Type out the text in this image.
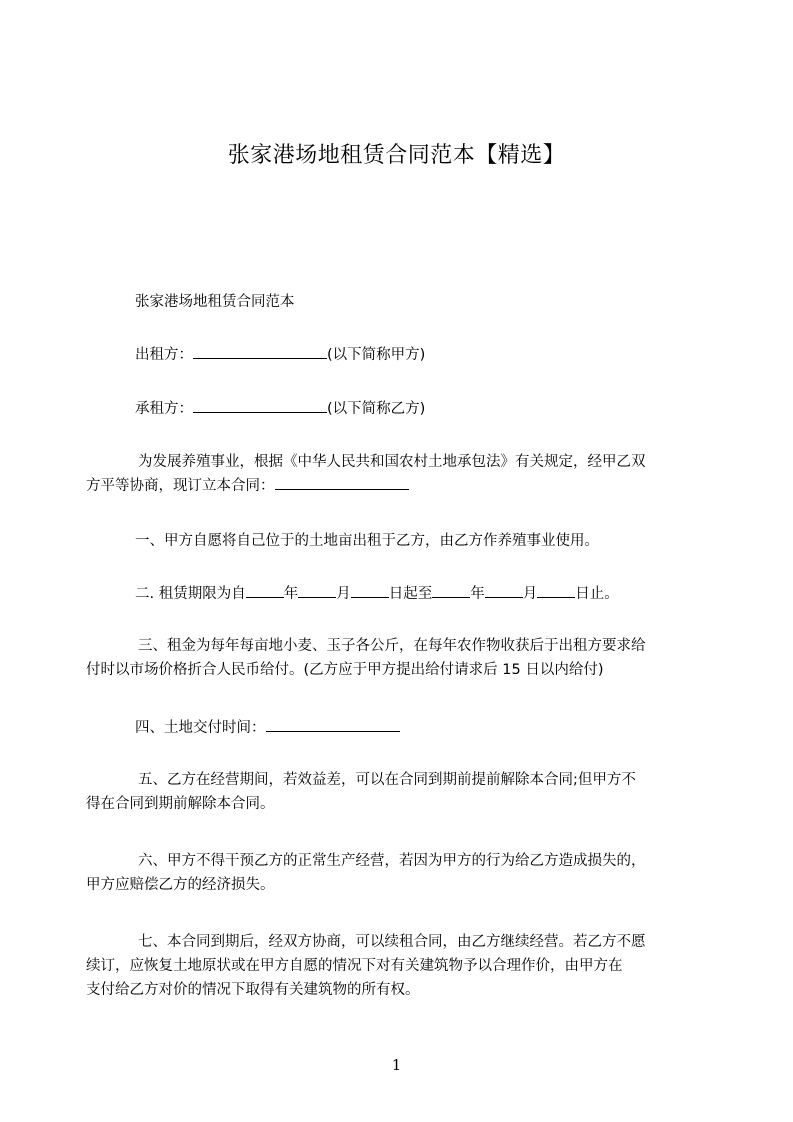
张家港场地租赁合同范本【精选】
张家港场地租赁合同范本
出租方：	(以下简称甲方)
承租方：	(以下简称乙方)
为发展养殖事业，根据《中华人民共和国农村土地承包法》有关规定，经甲乙双
方平等协商，现订立本合同：
一、甲方自愿将自己位于的土地亩出租于乙方，由乙方作养殖事业使用。
二. 租赁期限为自	年	月	日起至	年	月	日止。
三、租金为每年每亩地小麦、玉子各公斤，在每年农作物收获后于出租方要求给
付时以市场价格折合人民币给付。(乙方应于甲方提出给付请求后 15 日以内给付)
四、土地交付时间：
五、乙方在经营期间，若效益差，可以在合同到期前提前解除本合同;但甲方不
得在合同到期前解除本合同。
六、甲方不得干预乙方的正常生产经营，若因为甲方的行为给乙方造成损失的，
甲方应赔偿乙方的经济损失。
七、本合同到期后，经双方协商，可以续租合同，由乙方继续经营。若乙方不愿
续订，应恢复土地原状或在甲方自愿的情况下对有关建筑物予以合理作价，由甲方在
支付给乙方对价的情况下取得有关建筑物的所有权。
1
